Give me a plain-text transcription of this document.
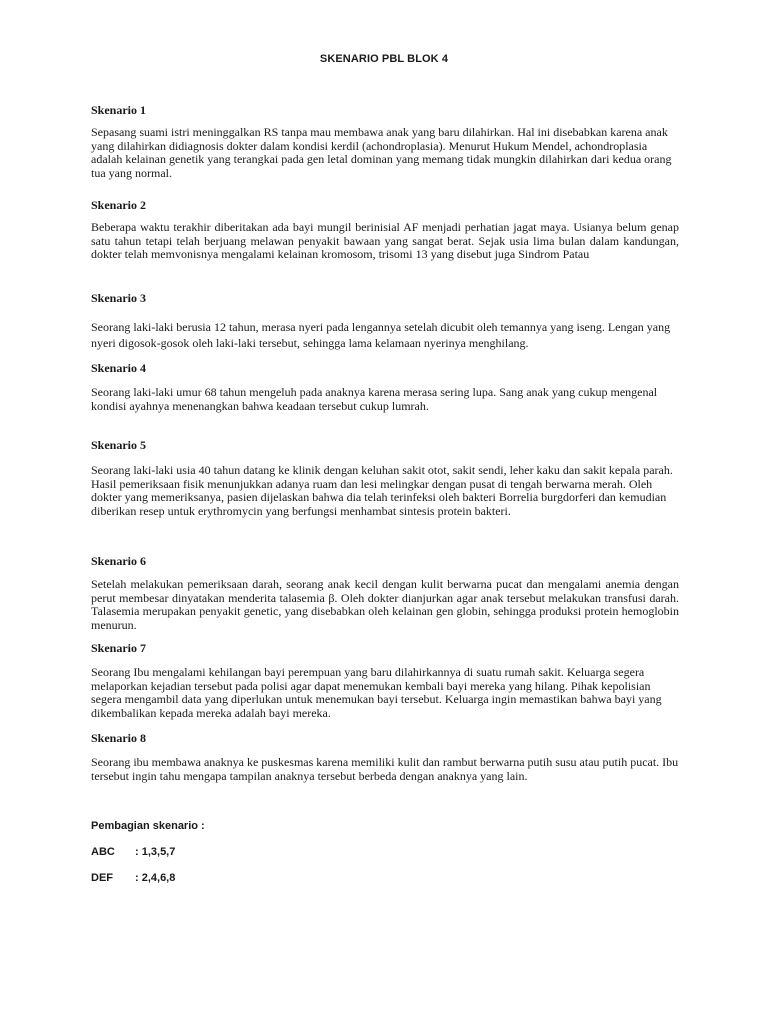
SKENARIO PBL BLOK 4
Skenario 1

Sepasang suami istri meninggalkan RS tanpa mau membawa anak yang baru dilahirkan. Hal ini disebabkan karena anak yang dilahirkan didiagnosis dokter dalam kondisi kerdil (achondroplasia). Menurut Hukum Mendel, achondroplasia adalah kelainan genetik yang terangkai pada gen letal dominan yang memang tidak mungkin dilahirkan dari kedua orang tua yang normal.

Skenario 2

Beberapa waktu terakhir diberitakan ada bayi mungil berinisial AF menjadi perhatian jagat maya. Usianya belum genap satu tahun tetapi telah berjuang melawan penyakit bawaan yang sangat berat. Sejak usia lima bulan dalam kandungan, dokter telah memvonisnya mengalami kelainan kromosom, trisomi 13 yang disebut juga Sindrom Patau

Skenario 3

Seorang laki-laki berusia 12 tahun, merasa nyeri pada lengannya setelah dicubit oleh temannya yang iseng. Lengan yang nyeri digosok-gosok oleh laki-laki tersebut, sehingga lama kelamaan nyerinya menghilang.

Skenario 4

Seorang laki-laki umur 68 tahun mengeluh pada anaknya karena merasa sering lupa. Sang anak yang cukup mengenal kondisi ayahnya menenangkan bahwa keadaan tersebut cukup lumrah.

Skenario 5

Seorang laki-laki usia 40 tahun datang ke klinik dengan keluhan sakit otot, sakit sendi, leher kaku dan sakit kepala parah. Hasil pemeriksaan fisik menunjukkan adanya ruam dan lesi melingkar dengan pusat di tengah berwarna merah. Oleh dokter yang memeriksanya, pasien dijelaskan bahwa dia telah terinfeksi oleh bakteri Borrelia burgdorferi dan kemudian diberikan resep untuk erythromycin yang berfungsi menhambat sintesis protein bakteri.

Skenario 6

Setelah melakukan pemeriksaan darah, seorang anak kecil dengan kulit berwarna pucat dan mengalami anemia dengan perut membesar dinyatakan menderita talasemia β. Oleh dokter dianjurkan agar anak tersebut melakukan transfusi darah. Talasemia merupakan penyakit genetic, yang disebabkan oleh kelainan gen globin, sehingga produksi protein hemoglobin menurun.

Skenario 7

Seorang Ibu mengalami kehilangan bayi perempuan yang baru dilahirkannya di suatu rumah sakit. Keluarga segera melaporkan kejadian tersebut pada polisi agar dapat menemukan kembali bayi mereka yang hilang. Pihak kepolisian segera mengambil data yang diperlukan untuk menemukan bayi tersebut. Keluarga ingin memastikan bahwa bayi yang dikembalikan kepada mereka adalah bayi mereka.

Skenario 8

Seorang ibu membawa anaknya ke puskesmas karena memiliki kulit dan rambut berwarna putih susu atau putih pucat. Ibu tersebut ingin tahu mengapa tampilan anaknya tersebut berbeda dengan anaknya yang lain.

Pembagian skenario :
ABC : 1,3,5,7
DEF : 2,4,6,8
